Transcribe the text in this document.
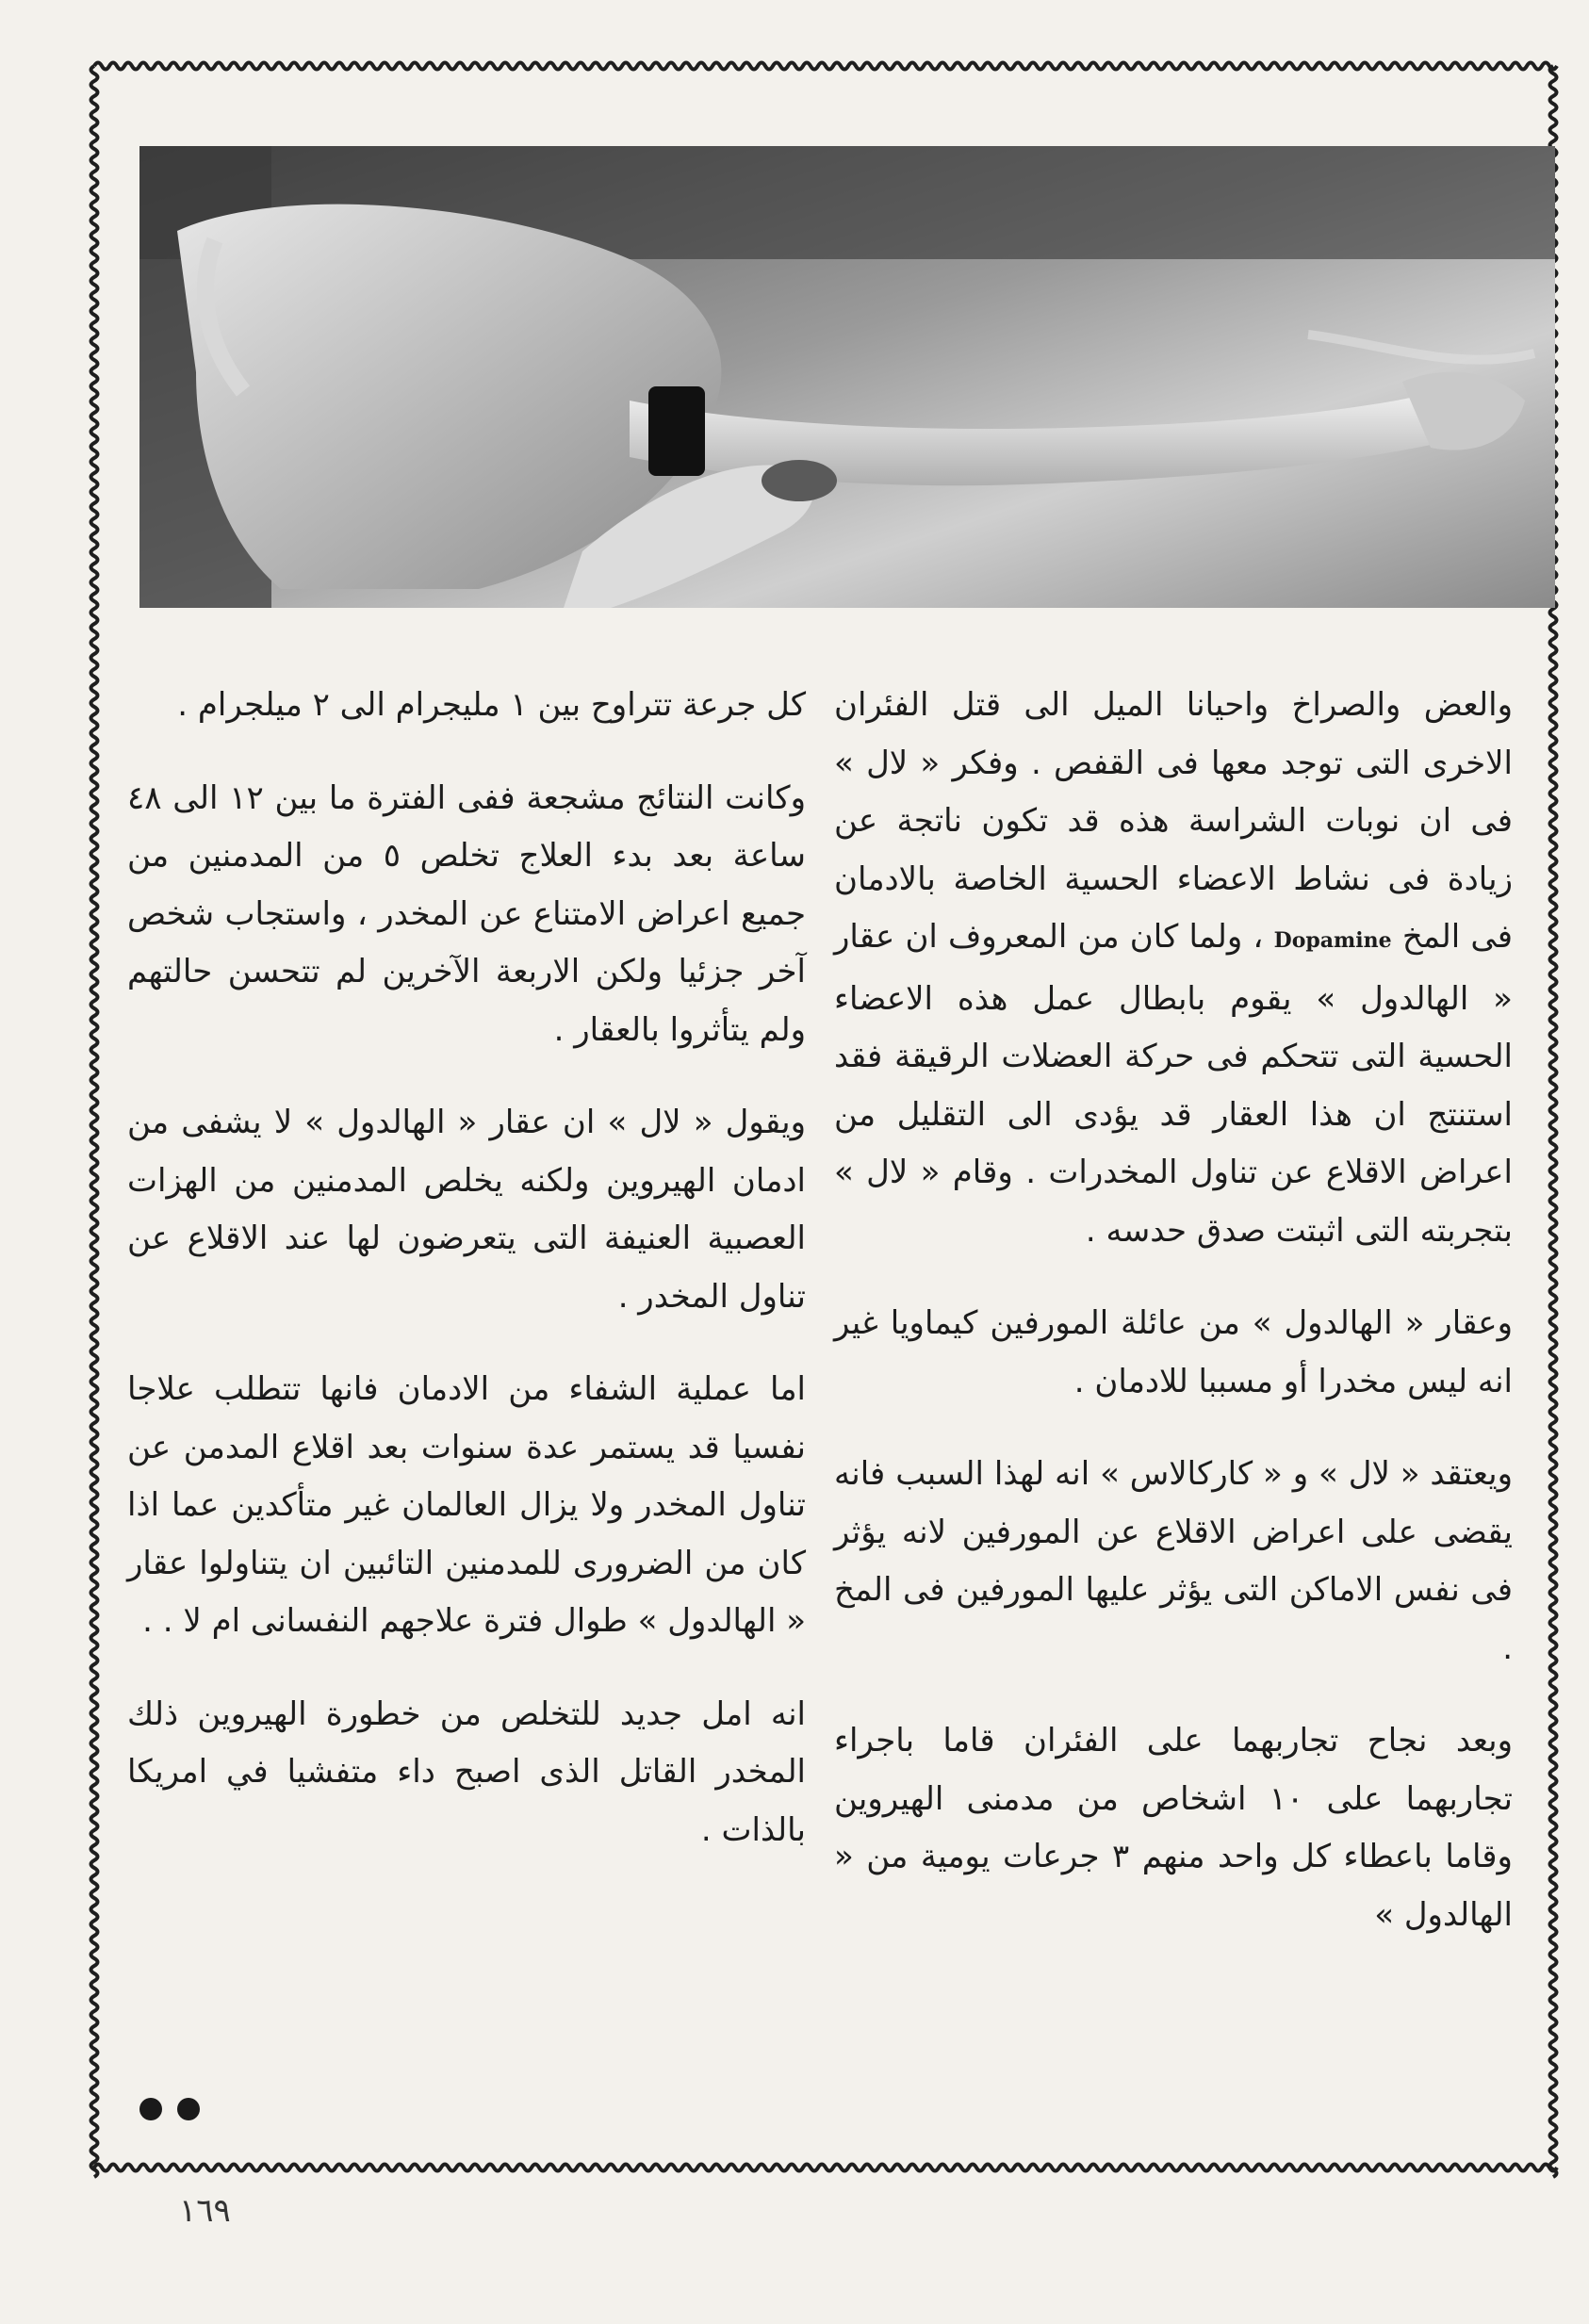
والعض والصراخ واحيانا الميل الى قتل الفئران الاخرى التى توجد معها فى القفص . وفكر « لال » فى ان نوبات الشراسة هذه قد تكون ناتجة عن زيادة فى نشاط الاعضاء الحسية الخاصة بالادمان فى المخ Dopamine ، ولما كان من المعروف ان عقار « الهالدول » يقوم بابطال عمل هذه الاعضاء الحسية التى تتحكم فى حركة العضلات الرقيقة فقد استنتج ان هذا العقار قد يؤدى الى التقليل من اعراض الاقلاع عن تناول المخدرات . وقام « لال » بتجربته التى اثبتت صدق حدسه .

وعقار « الهالدول » من عائلة المورفين كيماويا غير انه ليس مخدرا أو مسببا للادمان .

ويعتقد « لال » و « كاركالاس » انه لهذا السبب فانه يقضى على اعراض الاقلاع عن المورفين لانه يؤثر فى نفس الاماكن التى يؤثر عليها المورفين فى المخ .

وبعد نجاح تجاربهما على الفئران قاما باجراء تجاربهما على ١٠ اشخاص من مدمنى الهيروين وقاما باعطاء كل واحد منهم ٣ جرعات يومية من « الهالدول »

كل جرعة تتراوح بين ١ مليجرام الى ٢ ميلجرام .

وكانت النتائج مشجعة ففى الفترة ما بين ١٢ الى ٤٨ ساعة بعد بدء العلاج تخلص ٥ من المدمنين من جميع اعراض الامتناع عن المخدر ، واستجاب شخص آخر جزئيا ولكن الاربعة الآخرين لم تتحسن حالتهم ولم يتأثروا بالعقار .

ويقول « لال » ان عقار « الهالدول » لا يشفى من ادمان الهيروين ولكنه يخلص المدمنين من الهزات العصبية العنيفة التى يتعرضون لها عند الاقلاع عن تناول المخدر .

اما عملية الشفاء من الادمان فانها تتطلب علاجا نفسيا قد يستمر عدة سنوات بعد اقلاع المدمن عن تناول المخدر ولا يزال العالمان غير متأكدين عما اذا كان من الضرورى للمدمنين التائبين ان يتناولوا عقار « الهالدول » طوال فترة علاجهم النفسانى ام لا . .

انه امل جديد للتخلص من خطورة الهيروين ذلك المخدر القاتل الذى اصبح داء متفشيا في امريكا بالذات .

١٦٩
